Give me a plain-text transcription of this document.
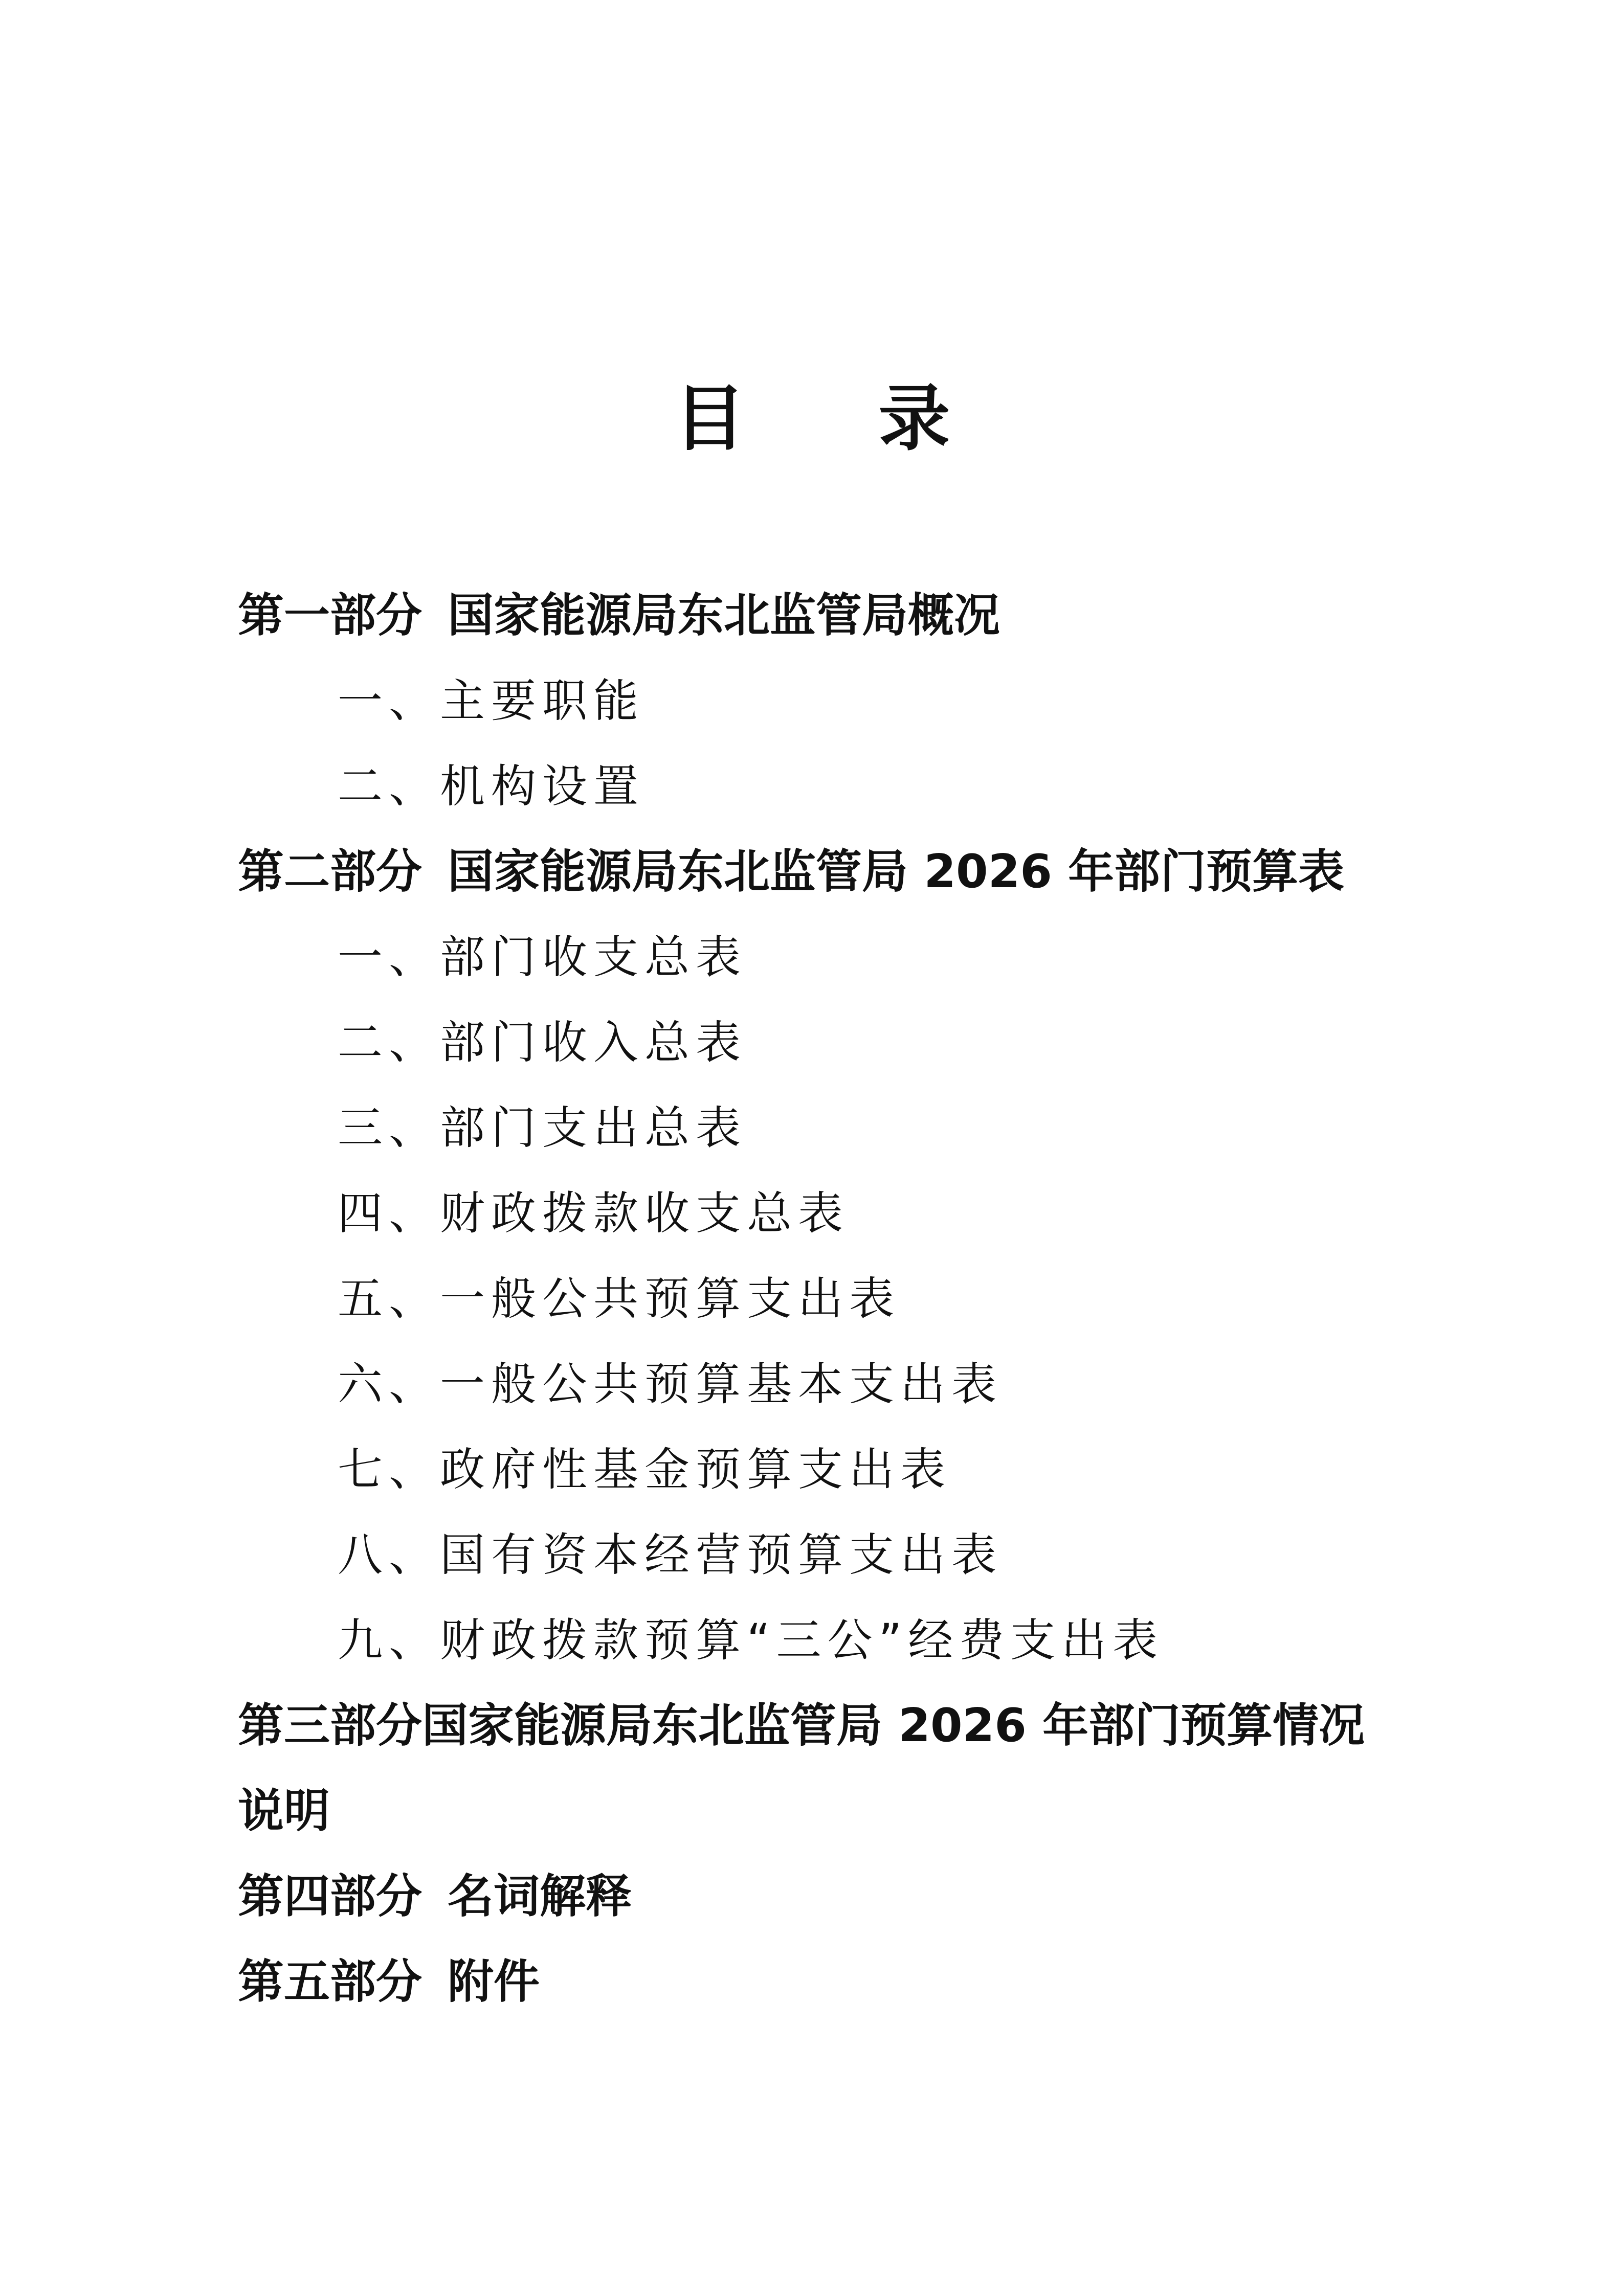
目 录
第一部分 国家能源局东北监管局概况
一、主要职能
二、机构设置
第二部分 国家能源局东北监管局 2026 年部门预算表
一、部门收支总表
二、部门收入总表
三、部门支出总表
四、财政拨款收支总表
五、一般公共预算支出表
六、一般公共预算基本支出表
七、政府性基金预算支出表
八、国有资本经营预算支出表
九、财政拨款预算“三公”经费支出表
第三部分国家能源局东北监管局 2026 年部门预算情况说明
第四部分 名词解释
第五部分 附件
